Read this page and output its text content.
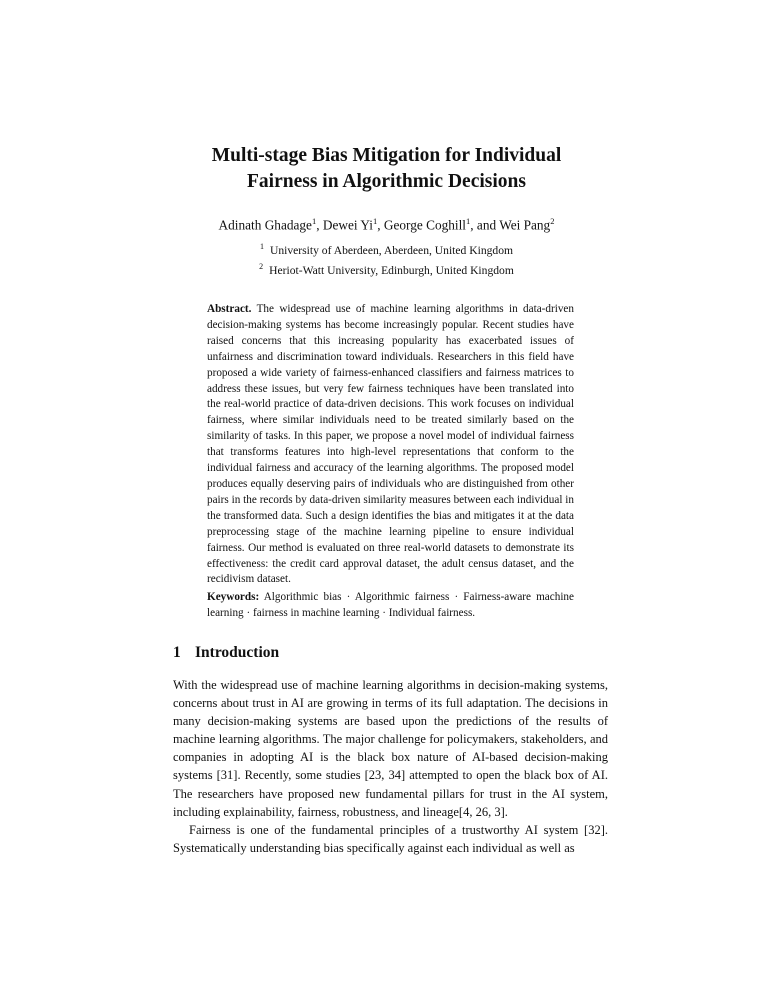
Multi-stage Bias Mitigation for Individual
Fairness in Algorithmic Decisions
Adinath Ghadage$^1$, Dewei Yi$^1$, George Coghill$^1$, and Wei Pang$^2$
$^1$ University of Aberdeen, Aberdeen, United Kingdom
$^2$ Heriot-Watt University, Edinburgh, United Kingdom
Abstract. The widespread use of machine learning algorithms in data-driven decision-making systems has become increasingly popular. Recent studies have raised concerns that this increasing popularity has exacerbated issues of unfairness and discrimination toward individuals. Researchers in this field have proposed a wide variety of fairness-enhanced classifiers and fairness matrices to address these issues, but very few fairness techniques have been translated into the real-world practice of data-driven decisions. This work focuses on individual fairness, where similar individuals need to be treated similarly based on the similarity of tasks. In this paper, we propose a novel model of individual fairness that transforms features into high-level representations that conform to the individual fairness and accuracy of the learning algorithms. The proposed model produces equally deserving pairs of individuals who are distinguished from other pairs in the records by data-driven similarity measures between each individual in the transformed data. Such a design identifies the bias and mitigates it at the data preprocessing stage of the machine learning pipeline to ensure individual fairness. Our method is evaluated on three real-world datasets to demonstrate its effectiveness: the credit card approval dataset, the adult census dataset, and the recidivism dataset.
Keywords: Algorithmic bias · Algorithmic fairness · Fairness-aware machine learning · fairness in machine learning · Individual fairness.
1 Introduction

With the widespread use of machine learning algorithms in decision-making systems, concerns about trust in AI are growing in terms of its full adaptation. The decisions in many decision-making systems are based upon the predictions of the results of machine learning algorithms. The major challenge for policymakers, stakeholders, and companies in adopting AI is the black box nature of AI-based decision-making systems [31]. Recently, some studies [23, 34] attempted to open the black box of AI. The researchers have proposed new fundamental pillars for trust in the AI system, including explainability, fairness, robustness, and lineage[4, 26, 3].

Fairness is one of the fundamental principles of a trustworthy AI system [32]. Systematically understanding bias specifically against each individual as well as
